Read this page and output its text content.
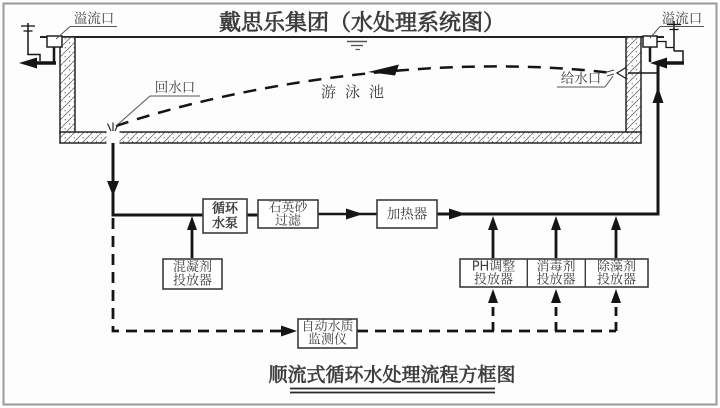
循环
水泵
石英砂
过滤	加热器
混凝剂
投放器
PH调整
投放器
消毒剂
投放器
除藻剂
投放器
自动水质
监测仪
戴思乐集团（水处理系统图）
溢流口	溢流口
回水口
给水口
游泳池
顺流式循环水处理流程方框图
